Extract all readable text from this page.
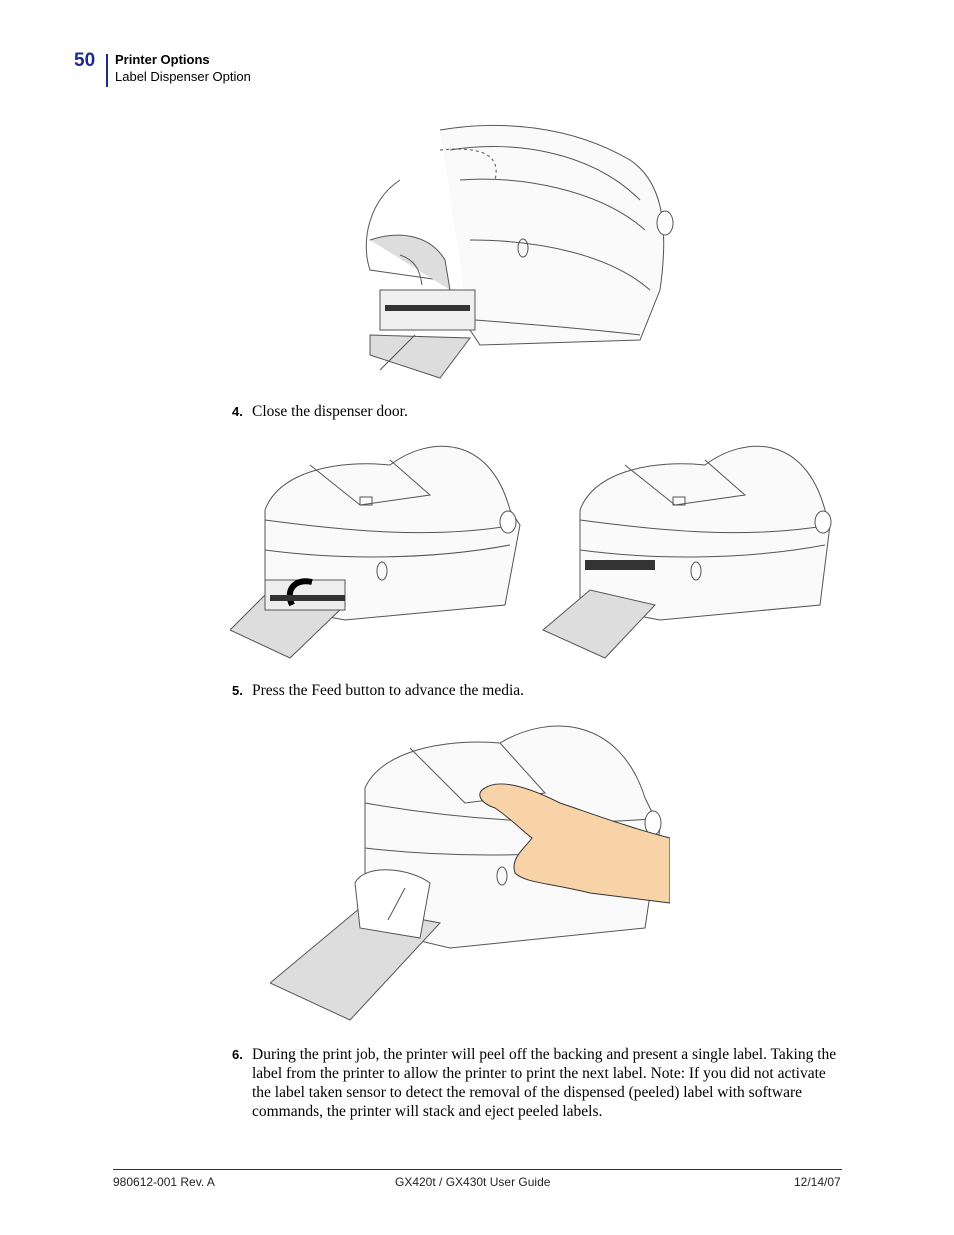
50 Printer Options
Label Dispenser Option
4. Close the dispenser door.
5. Press the Feed button to advance the media.
6. During the print job, the printer will peel off the backing and present a single label. Taking the label from the printer to allow the printer to print the next label. Note: If you did not activate the label taken sensor to detect the removal of the dispensed (peeled) label with software commands, the printer will stack and eject peeled labels.
980612-001 Rev. A	GX420t / GX430t User Guide	12/14/07
